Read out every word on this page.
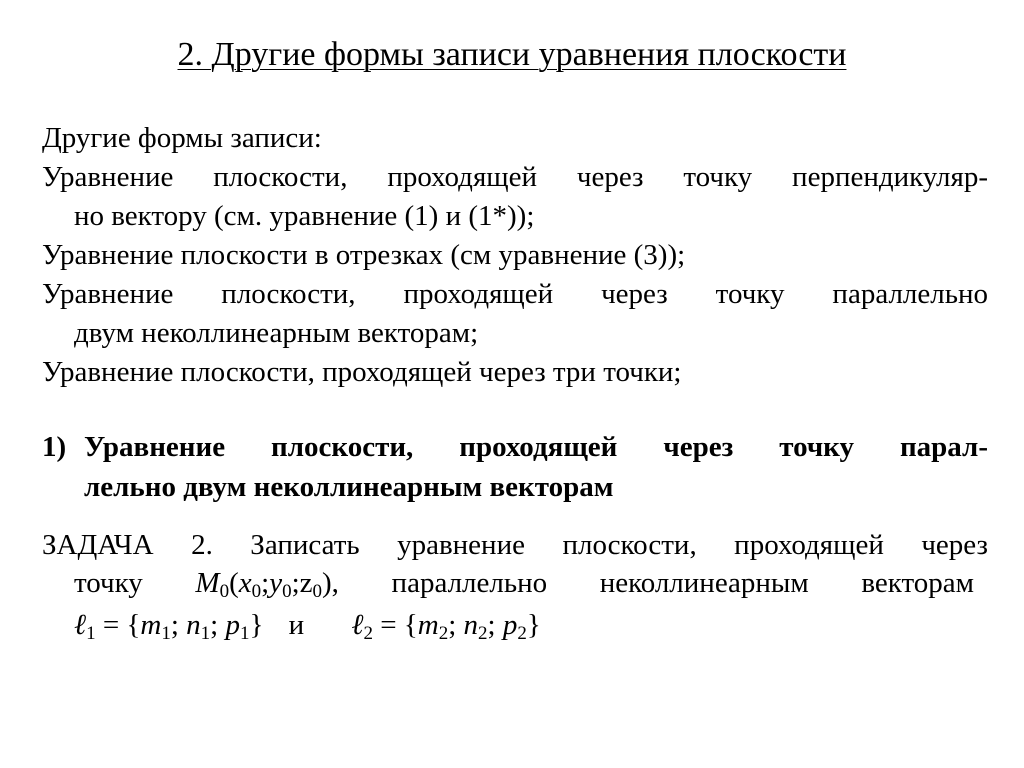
2. Другие формы записи уравнения плоскости
Другие формы записи:
Уравнение плоскости, проходящей через точку перпендикуляр-
но вектору (см. уравнение (1) и (1*));
Уравнение плоскости в отрезках (см уравнение (3));
Уравнение плоскости, проходящей через точку параллельно
двум неколлинеарным векторам;
Уравнение плоскости, проходящей через три точки;
1) Уравнение плоскости, проходящей через точку парал-
лельно двум неколлинеарным векторам
ЗАДАЧА 2. Записать уравнение плоскости, проходящей через
точку $M_0(x_0;y_0;z_0)$, параллельно неколлинеарным векторам
ℓ$_1$ = {$m_1$; $n_1$; $p_1$} и ℓ$_2$ = {$m_2$; $n_2$; $p_2$}
